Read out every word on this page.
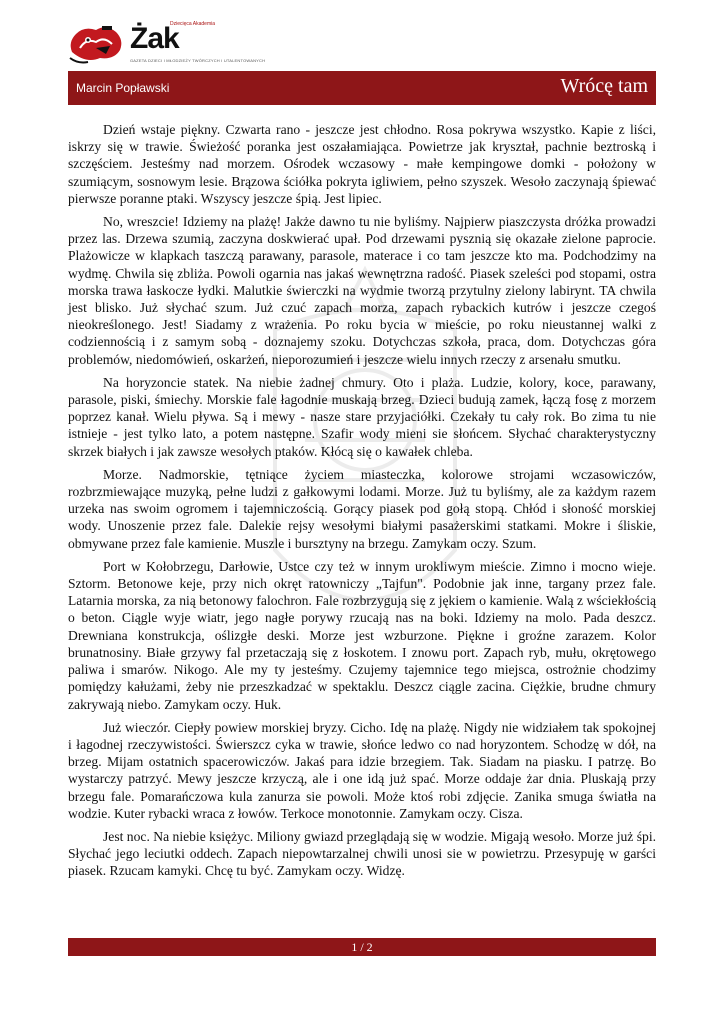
Dziecięca Akademia
Żak
GAZETA DZIECI I MŁODZIEŻY TWÓRCZYCH I UTALENTOWANYCH
Marcin Popławski	Wrócę tam

Dzień wstaje piękny. Czwarta rano - jeszcze jest chłodno. Rosa pokrywa wszystko. Kapie z liści, iskrzy się w trawie. Świeżość poranka jest oszałamiająca. Powietrze jak kryształ, pachnie beztroską i szczęściem. Jesteśmy nad morzem. Ośrodek wczasowy - małe kempingowe domki - położony w szumiącym, sosnowym lesie. Brązowa ściółka pokryta igliwiem, pełno szyszek. Wesoło zaczynają śpiewać pierwsze poranne ptaki. Wszyscy jeszcze śpią. Jest lipiec.

No, wreszcie! Idziemy na plażę! Jakże dawno tu nie byliśmy. Najpierw piaszczysta dróżka prowadzi przez las. Drzewa szumią, zaczyna doskwierać upał. Pod drzewami pysznią się okazałe zielone paprocie. Plażowicze w klapkach taszczą parawany, parasole, materace i co tam jeszcze kto ma. Podchodzimy na wydmę. Chwila się zbliża. Powoli ogarnia nas jakaś wewnętrzna radość. Piasek szeleści pod stopami, ostra morska trawa łaskocze łydki. Malutkie świerczki na wydmie tworzą przytulny zielony labirynt. TA chwila jest blisko. Już słychać szum. Już czuć zapach morza, zapach rybackich kutrów i jeszcze czegoś nieokreślonego. Jest! Siadamy z wrażenia. Po roku bycia w mieście, po roku nieustannej walki z codziennością i z samym sobą - doznajemy szoku. Dotychczas szkoła, praca, dom. Dotychczas góra problemów, niedomówień, oskarżeń, nieporozumień i jeszcze wielu innych rzeczy z arsenału smutku.

Na horyzoncie statek. Na niebie żadnej chmury. Oto i plaża. Ludzie, kolory, koce, parawany, parasole, piski, śmiechy. Morskie fale łagodnie muskają brzeg. Dzieci budują zamek, łączą fosę z morzem poprzez kanał. Wielu pływa. Są i mewy - nasze stare przyjaciółki. Czekały tu cały rok. Bo zima tu nie istnieje - jest tylko lato, a potem następne. Szafir wody mieni sie słońcem. Słychać charakterystyczny skrzek białych i jak zawsze wesołych ptaków. Kłócą się o kawałek chleba.

Morze. Nadmorskie, tętniące życiem miasteczka, kolorowe strojami wczasowiczów, rozbrzmiewające muzyką, pełne ludzi z gałkowymi lodami. Morze. Już tu byliśmy, ale za każdym razem urzeka nas swoim ogromem i tajemniczością. Gorący piasek pod gołą stopą. Chłód i słoność morskiej wody. Unoszenie przez fale. Dalekie rejsy wesołymi białymi pasażerskimi statkami. Mokre i śliskie, obmywane przez fale kamienie. Muszle i bursztyny na brzegu. Zamykam oczy. Szum.

Port w Kołobrzegu, Darłowie, Ustce czy też w innym urokliwym mieście. Zimno i mocno wieje. Sztorm. Betonowe keje, przy nich okręt ratowniczy „Tajfun". Podobnie jak inne, targany przez fale. Latarnia morska, za nią betonowy falochron. Fale rozbrzygują się z jękiem o kamienie. Walą z wściekłością o beton. Ciągle wyje wiatr, jego nagłe porywy rzucają nas na boki. Idziemy na molo. Pada deszcz. Drewniana konstrukcja, oślizgłe deski. Morze jest wzburzone. Piękne i groźne zarazem. Kolor brunatnosiny. Białe grzywy fal przetaczają się z łoskotem. I znowu port. Zapach ryb, mułu, okrętowego paliwa i smarów. Nikogo. Ale my ty jesteśmy. Czujemy tajemnice tego miejsca, ostrożnie chodzimy pomiędzy kałużami, żeby nie przeszkadzać w spektaklu. Deszcz ciągle zacina. Ciężkie, brudne chmury zakrywają niebo. Zamykam oczy. Huk.

Już wieczór. Ciepły powiew morskiej bryzy. Cicho. Idę na plażę. Nigdy nie widziałem tak spokojnej i łagodnej rzeczywistości. Świerszcz cyka w trawie, słońce ledwo co nad horyzontem. Schodzę w dół, na brzeg. Mijam ostatnich spacerowiczów. Jakaś para idzie brzegiem. Tak. Siadam na piasku. I patrzę. Bo wystarczy patrzyć. Mewy jeszcze krzyczą, ale i one idą już spać. Morze oddaje żar dnia. Pluskają przy brzegu fale. Pomarańczowa kula zanurza sie powoli. Może ktoś robi zdjęcie. Zanika smuga światła na wodzie. Kuter rybacki wraca z łowów. Terkoce monotonnie. Zamykam oczy. Cisza.

Jest noc. Na niebie księżyc. Miliony gwiazd przeglądają się w wodzie. Migają wesoło. Morze już śpi. Słychać jego leciutki oddech. Zapach niepowtarzalnej chwili unosi sie w powietrzu. Przesypuję w garści piasek. Rzucam kamyki. Chcę tu być. Zamykam oczy. Widzę.

1 / 2
